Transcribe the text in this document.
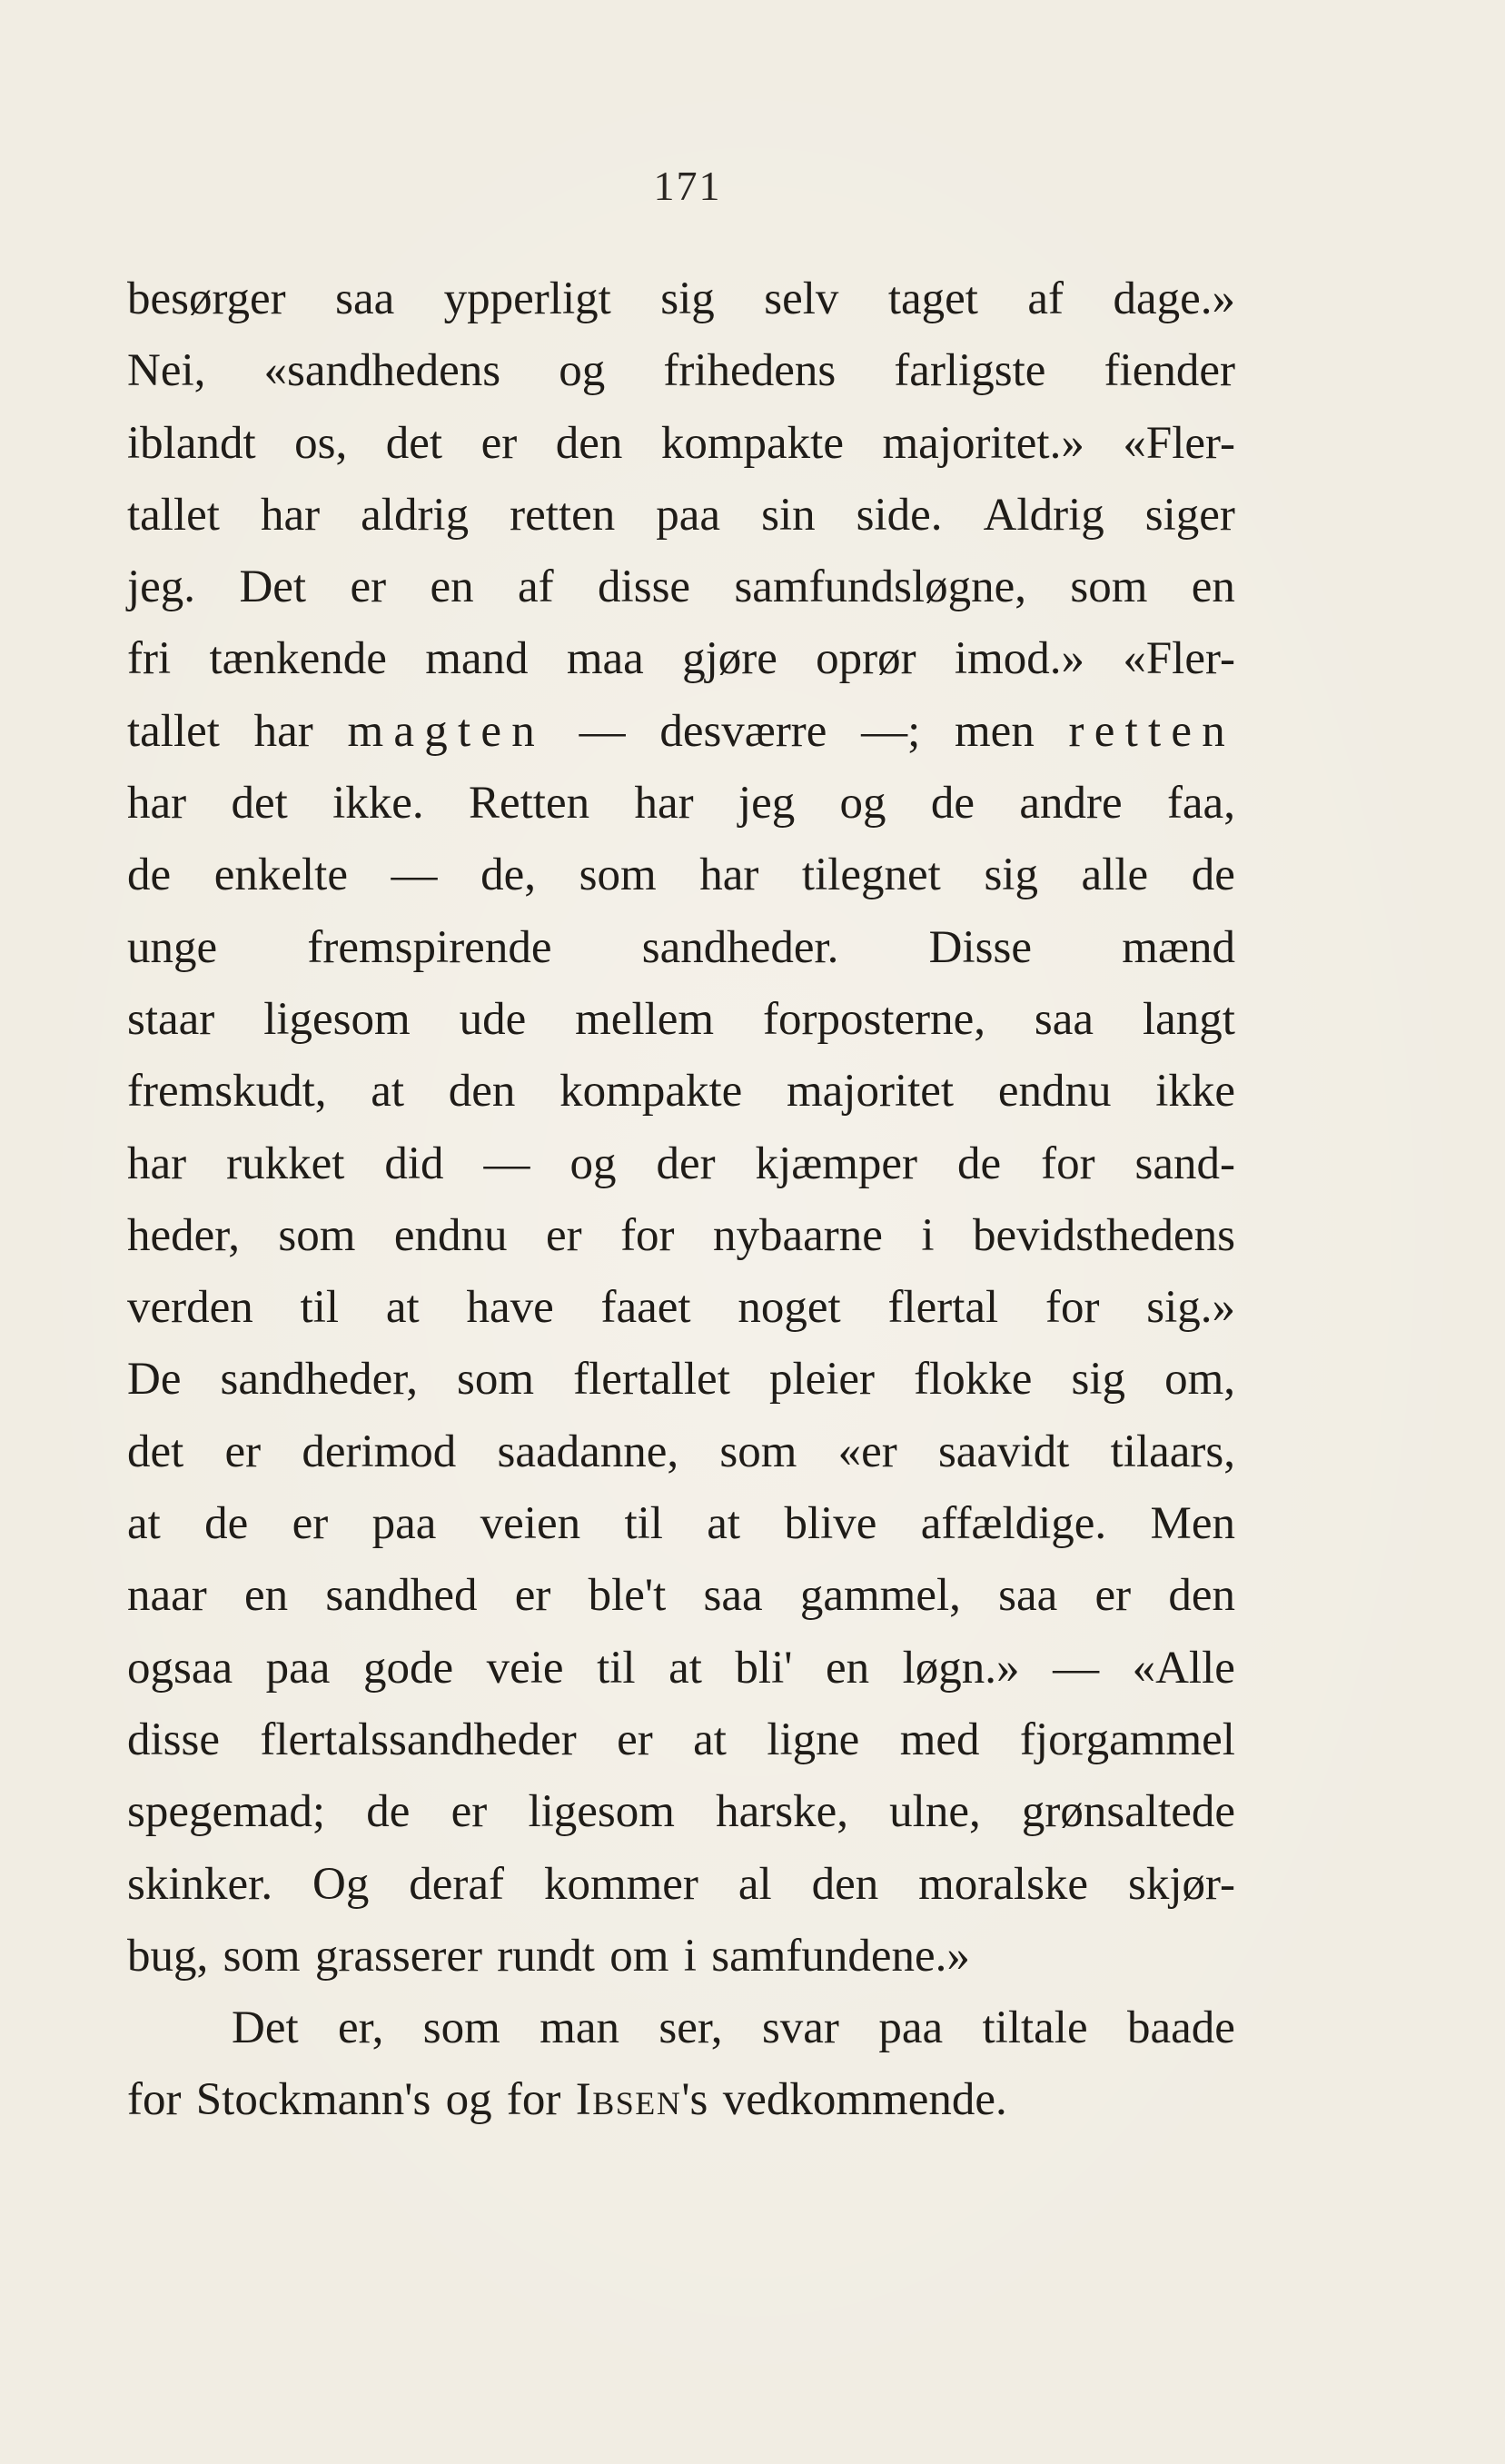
171
besørger saa ypperligt sig selv taget af dage.»
Nei, «sandhedens og frihedens farligste fiender
iblandt os, det er den kompakte majoritet.» «Fler-
tallet har aldrig retten paa sin side. Aldrig siger
jeg. Det er en af disse samfundsløgne, som en
fri tænkende mand maa gjøre oprør imod.» «Fler-
tallet har magten — desværre —; men retten
har det ikke. Retten har jeg og de andre faa,
de enkelte — de, som har tilegnet sig alle de
unge fremspirende sandheder. Disse mænd
staar ligesom ude mellem forposterne, saa langt
fremskudt, at den kompakte majoritet endnu ikke
har rukket did — og der kjæmper de for sand-
heder, som endnu er for nybaarne i bevidsthedens
verden til at have faaet noget flertal for sig.»
De sandheder, som flertallet pleier flokke sig om,
det er derimod saadanne, som «er saavidt tilaars,
at de er paa veien til at blive affældige. Men
naar en sandhed er ble't saa gammel, saa er den
ogsaa paa gode veie til at bli' en løgn.» — «Alle
disse flertalssandheder er at ligne med fjorgammel
spegemad; de er ligesom harske, ulne, grønsaltede
skinker. Og deraf kommer al den moralske skjør-
bug, som grasserer rundt om i samfundene.»
Det er, som man ser, svar paa tiltale baade
for Stockmann's og for Ibsen's vedkommende.
